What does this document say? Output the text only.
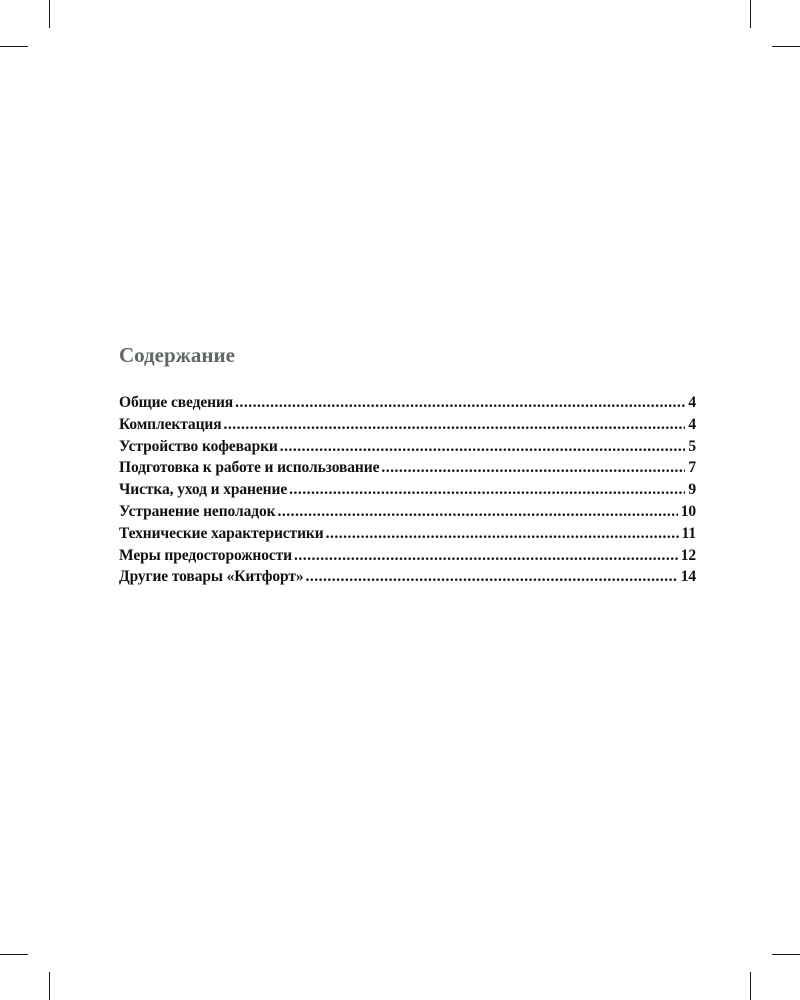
Содержание
Общие сведения .....	4
Комплектация .....	4
Устройство кофеварки .....	5
Подготовка к работе и использование .....	7
Чистка, уход и хранение .....	9
Устранение неполадок .....	10
Технические характеристики .....	11
Меры предосторожности .....	12
Другие товары «Китфорт» .....	14
